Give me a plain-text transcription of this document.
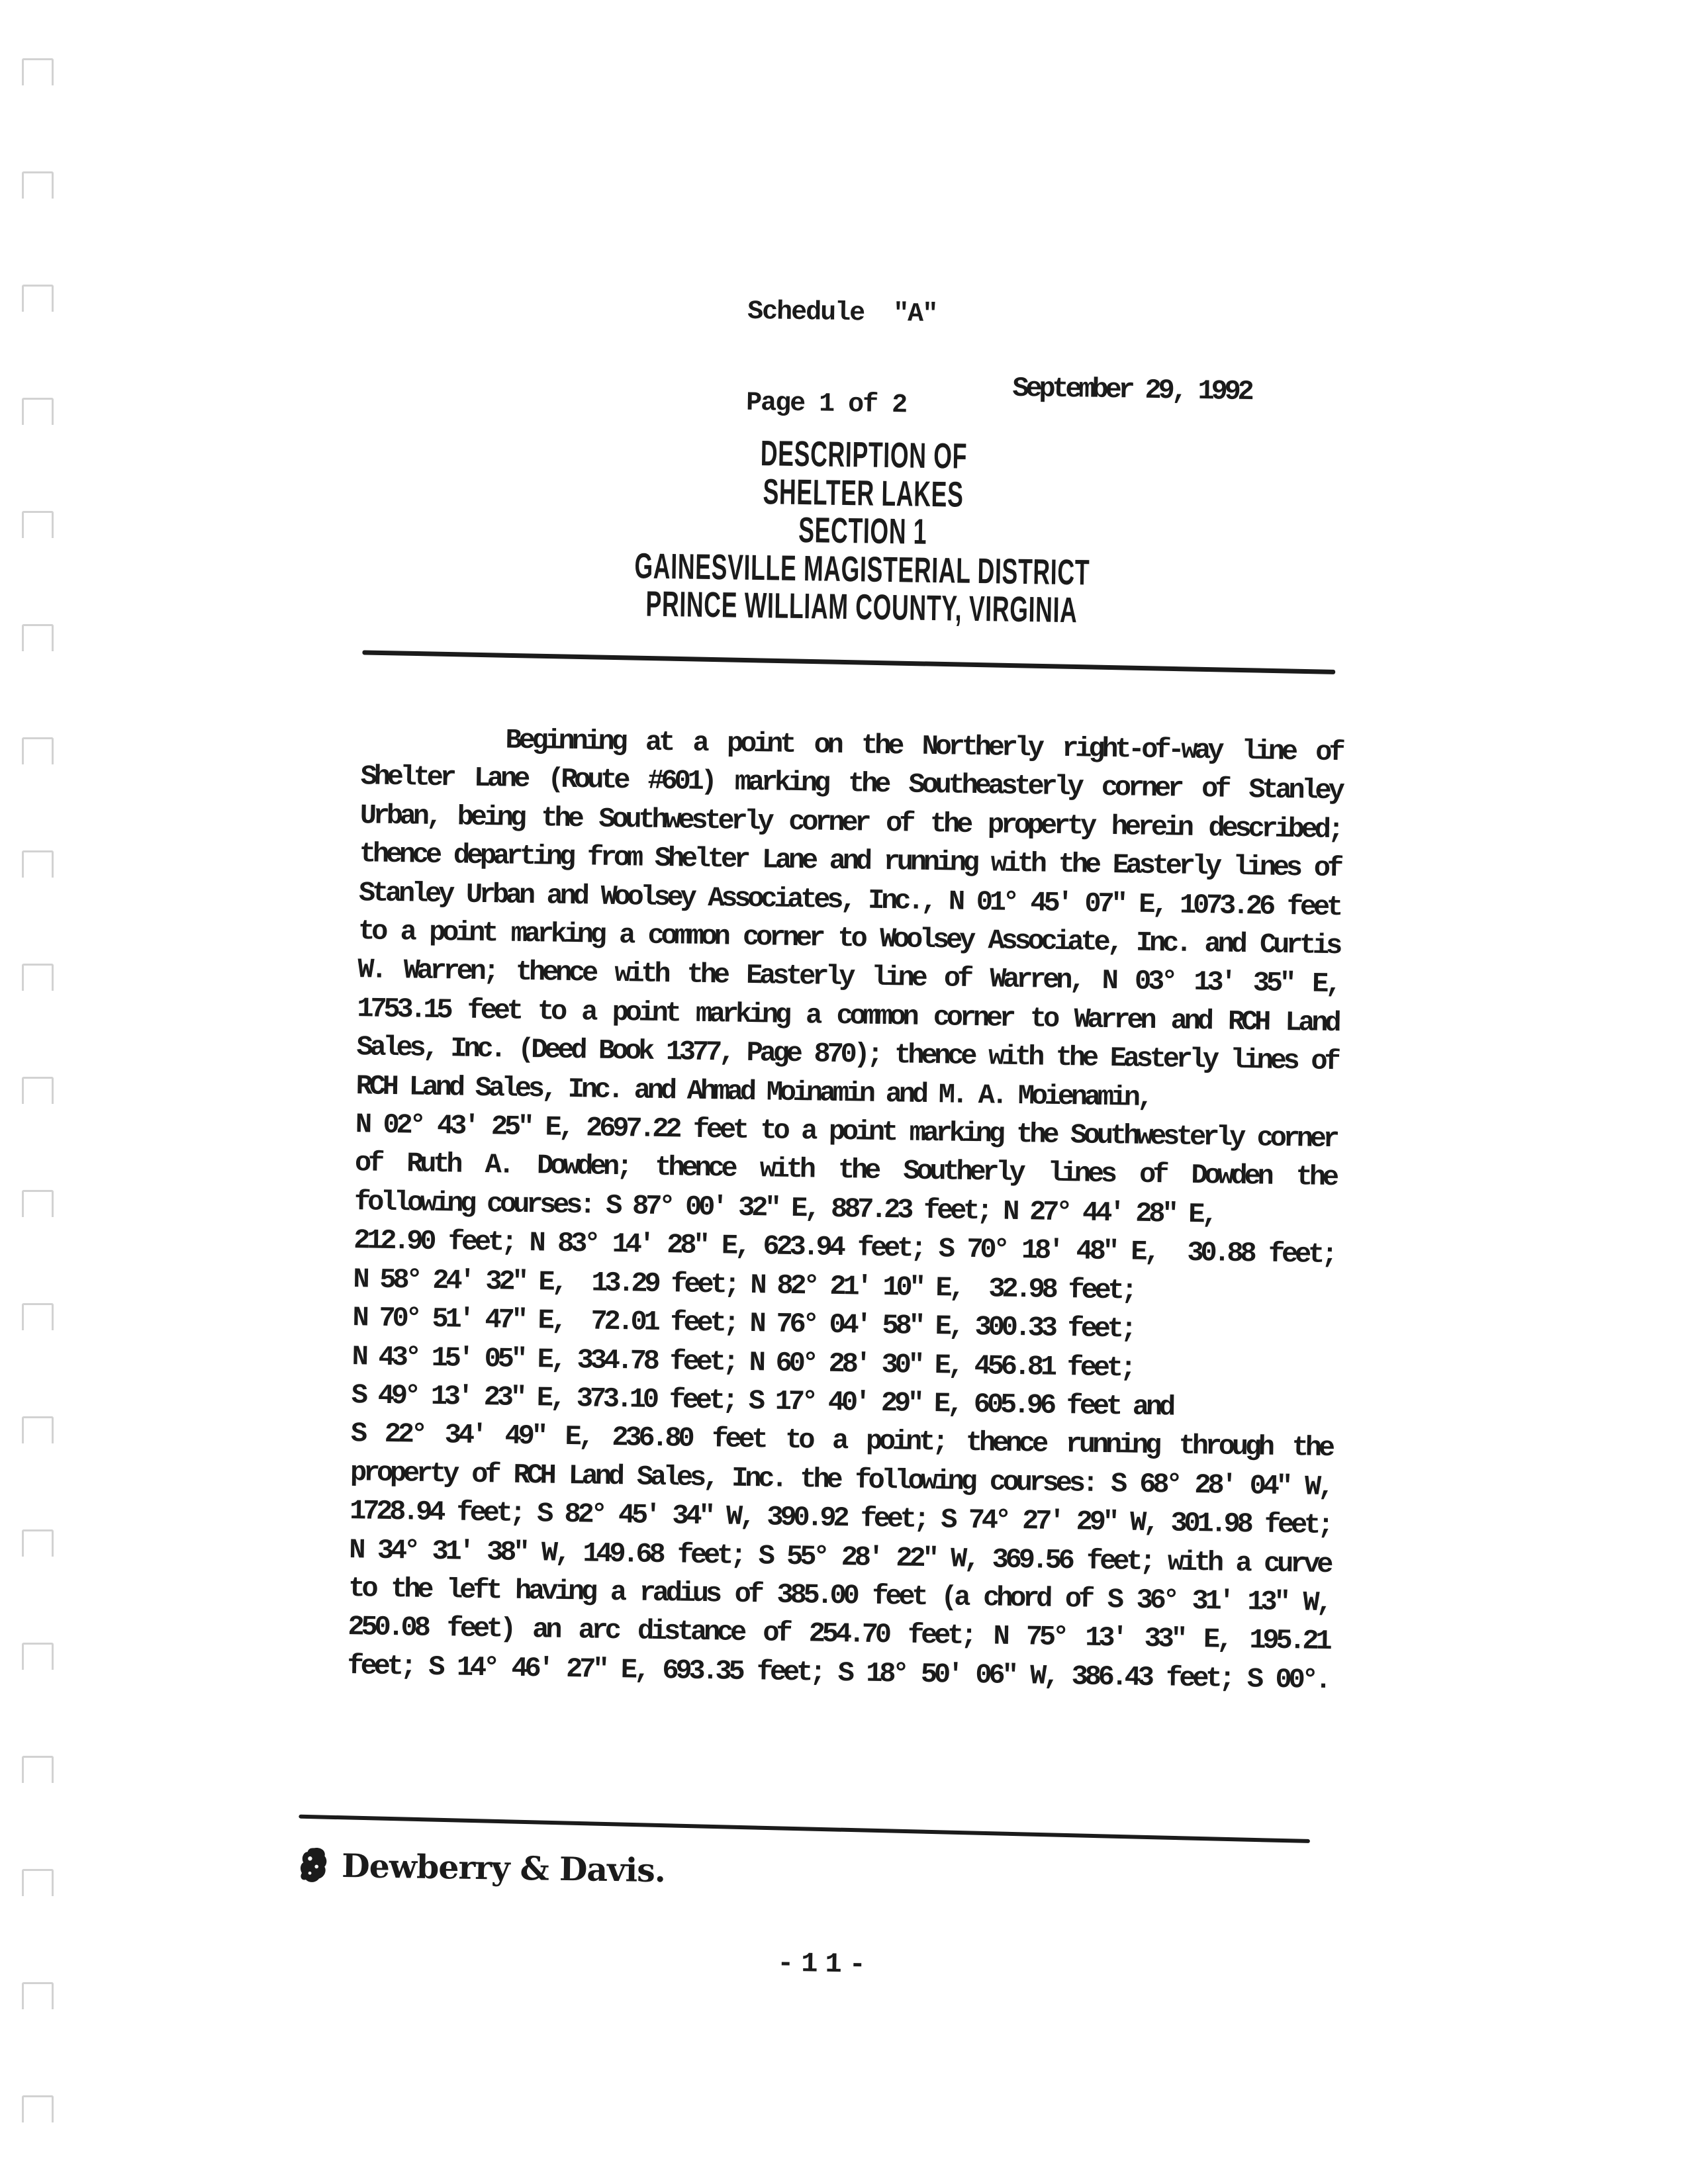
Schedule  "A"

Page 1 of 2

	September 29, 1992
DESCRIPTION OF
SHELTER LAKES
SECTION 1
GAINESVILLE MAGISTERIAL DISTRICT
PRINCE WILLIAM COUNTY, VIRGINIA
Beginning at a point on the Northerly right-of-way line of
Shelter Lane (Route #601) marking the Southeasterly corner of Stanley
Urban, being the Southwesterly corner of the property herein described;
thence departing from Shelter Lane and running with the Easterly lines of
Stanley Urban and Woolsey Associates, Inc., N 01° 45' 07" E, 1073.26 feet
to a point marking a common corner to Woolsey Associate, Inc. and Curtis
W. Warren; thence with the Easterly line of Warren, N 03° 13' 35" E,
1753.15 feet to a point marking a common corner to Warren and RCH Land
Sales, Inc. (Deed Book 1377, Page 870); thence with the Easterly lines of
RCH Land Sales, Inc. and Ahmad Moinamin and M. A. Moienamin,
N 02° 43' 25" E, 2697.22 feet to a point marking the Southwesterly corner
of Ruth A. Dowden; thence with the Southerly lines of Dowden the
following courses: S 87° 00' 32" E, 887.23 feet; N 27° 44' 28" E,
212.90 feet; N 83° 14' 28" E, 623.94 feet; S 70° 18' 48" E,  30.88 feet;
N 58° 24' 32" E,  13.29 feet; N 82° 21' 10" E,  32.98 feet;
N 70° 51' 47" E,  72.01 feet; N 76° 04' 58" E, 300.33 feet;
N 43° 15' 05" E, 334.78 feet; N 60° 28' 30" E, 456.81 feet;
S 49° 13' 23" E, 373.10 feet; S 17° 40' 29" E, 605.96 feet and
S 22° 34' 49" E, 236.80 feet to a point; thence running through the
property of RCH Land Sales, Inc. the following courses: S 68° 28' 04" W,
1728.94 feet; S 82° 45' 34" W, 390.92 feet; S 74° 27' 29" W, 301.98 feet;
N 34° 31' 38" W, 149.68 feet; S 55° 28' 22" W, 369.56 feet; with a curve
to the left having a radius of 385.00 feet (a chord of S 36° 31' 13" W,
250.08 feet) an arc distance of 254.70 feet; N 75° 13' 33" E, 195.21
feet; S 14° 46' 27" E, 693.35 feet; S 18° 50' 06" W, 386.43 feet; S 00°.
Dewberry & Davis.
-11-
